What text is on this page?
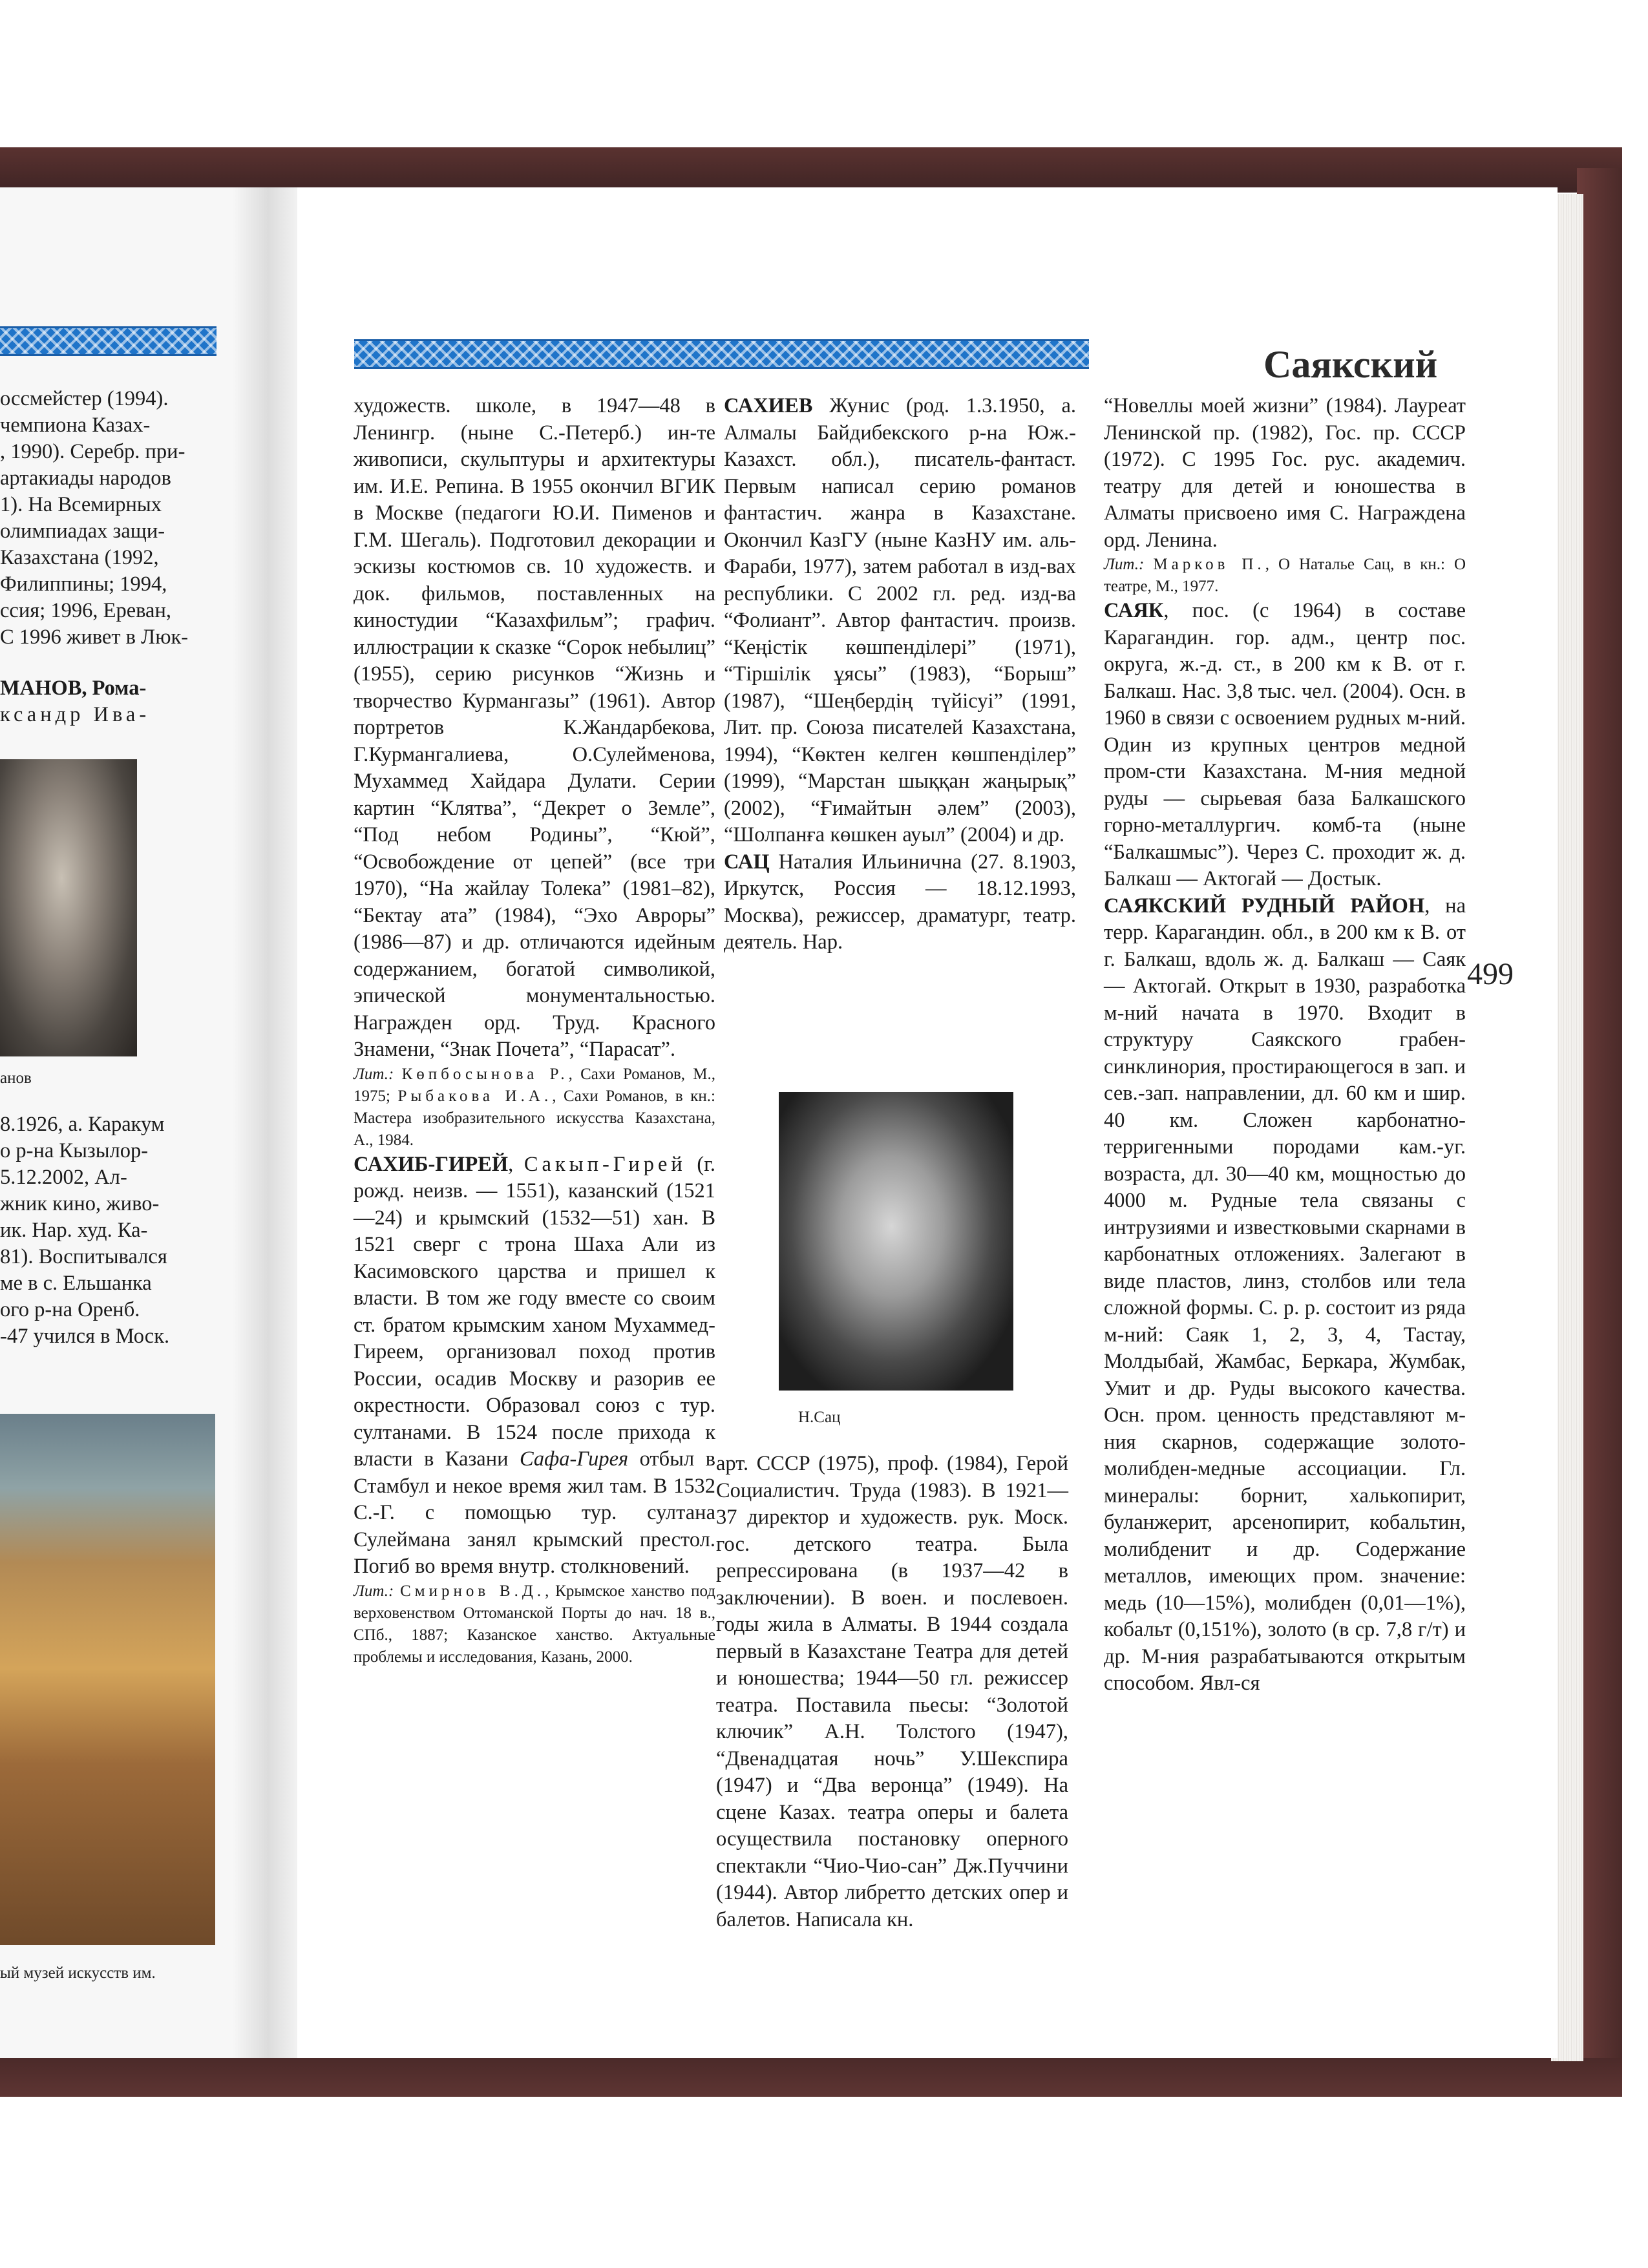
Саякский
499
оссмейстер (1994).
чемпиона Казах-
, 1990). Серебр. при-
артакиады народов
1). На Всемирных
олимпиадах защи-
Казахстана (1992,
Филиппины; 1994,
ссия; 1996, Ереван,
С 1996 живет в Люк-
МАНОВ, Рома-
ксандр Ива-
анов
8.1926, а. Каракум
о р-на Кызылор-
5.12.2002, Ал-
жник кино, живо-
ик. Нар. худ. Ка-
81). Воспитывался
ме в с. Ельшанка
ого р-на Оренб.
-47 учился в Моск.
ый музей искусств им.

художеств. школе, в 1947—48 в Ленингр. (ныне С.-Петерб.) ин-те живописи, скульптуры и архитектуры им. И.Е. Репина. В 1955 окончил ВГИК в Москве (педагоги Ю.И. Пименов и Г.М. Шегаль). Подготовил декорации и эскизы костюмов св. 10 художеств. и док. фильмов, поставленных на киностудии “Казахфильм”; графич. иллюстрации к сказке “Сорок небылиц” (1955), серию рисунков “Жизнь и творчество Курмангазы” (1961). Автор портретов К.Жандарбекова, Г.Курмангалиева, О.Сулейменова, Мухаммед Хайдара Дулати. Серии картин “Клятва”, “Декрет о Земле”, “Под небом Родины”, “Кюй”, “Освобождение от цепей” (все три 1970), “На жайлау Толека” (1981–82), “Бектау ата” (1984), “Эхо Авроры” (1986—87) и др. отличаются идейным содержанием, богатой символикой, эпической монументальностью. Награжден орд. Труд. Красного Знамени, “Знак Почета”, “Парасат”.

Лит.: Көпбосынова Р., Сахи Романов, М., 1975; Рыбакова И.А., Сахи Романов, в кн.: Мастера изобразительного искусства Казахстана, А., 1984.

САХИБ-ГИРЕЙ, Сакып-Гирей (г. рожд. неизв. — 1551), казанский (1521—24) и крымский (1532—51) хан. В 1521 сверг с трона Шаха Али из Касимовского царства и пришел к власти. В том же году вместе со своим ст. братом крымским ханом Мухаммед-Гиреем, организовал поход против России, осадив Москву и разорив ее окрестности. Образовал союз с тур. султанами. В 1524 после прихода к власти в Казани Сафа-Гирея отбыл в Стамбул и некое время жил там. В 1532 С.-Г. с помощью тур. султана Сулеймана занял крымский престол. Погиб во время внутр. столкновений.

Лит.: Смирнов В.Д., Крымское ханство под верховенством Оттоманской Порты до нач. 18 в., СПб., 1887; Казанское ханство. Актуальные проблемы и исследования, Казань, 2000.

САХИЕВ Жунис (род. 1.3.1950, а. Алмалы Байдибекского р-на Юж.-Казахст. обл.), писатель-фантаст. Первым написал серию романов фантастич. жанра в Казахстане. Окончил КазГУ (ныне КазНУ им. аль-Фараби, 1977), затем работал в изд-вах республики. С 2002 гл. ред. изд-ва “Фолиант”. Автор фантастич. произв. “Кеңістік көшпенділері” (1971), “Тіршілік ұясы” (1983), “Борыш” (1987), “Шеңбердің түйісуі” (1991, Лит. пр. Союза писателей Казахстана, 1994), “Көктен келген көшпенділер” (1999), “Марстан шыққан жаңырық” (2002), “Ғимайтын әлем” (2003), “Шолпанға көшкен ауыл” (2004) и др.

САЦ Наталия Ильинична (27. 8.1903, Иркутск, Россия — 18.12.1993, Москва), режиссер, драматург, театр. деятель. Нар.

Н.Сац

арт. СССР (1975), проф. (1984), Герой Социалистич. Труда (1983). В 1921—37 директор и художеств. рук. Моск. гос. детского театра. Была репрессирована (в 1937—42 в заключении). В воен. и послевоен. годы жила в Алматы. В 1944 создала первый в Казахстане Театра для детей и юношества; 1944—50 гл. режиссер театра. Поставила пьесы: “Золотой ключик” А.Н. Толстого (1947), “Двенадцатая ночь” У.Шекспира (1947) и “Два веронца” (1949). На сцене Казах. театра оперы и балета осуществила постановку оперного спектакли “Чио-Чио-сан” Дж.Пуччини (1944). Автор либретто детских опер и балетов. Написала кн.

“Новеллы моей жизни” (1984). Лауреат Ленинской пр. (1982), Гос. пр. СССР (1972). С 1995 Гос. рус. академич. театру для детей и юношества в Алматы присвоено имя С. Награждена орд. Ленина.

Лит.: Марков П., О Наталье Сац, в кн.: О театре, М., 1977.

САЯК, пос. (с 1964) в составе Карагандин. гор. адм., центр пос. округа, ж.-д. ст., в 200 км к В. от г. Балкаш. Нас. 3,8 тыс. чел. (2004). Осн. в 1960 в связи с освоением рудных м-ний. Один из крупных центров медной пром-сти Казахстана. М-ния медной руды — сырьевая база Балкашского горно-металлургич. комб-та (ныне “Балкашмыс”). Через С. проходит ж. д. Балкаш — Актогай — Достык.

САЯКСКИЙ РУДНЫЙ РАЙОН, на терр. Карагандин. обл., в 200 км к В. от г. Балкаш, вдоль ж. д. Балкаш — Саяк — Актогай. Открыт в 1930, разработка м-ний начата в 1970. Входит в структуру Саякского грабен-синклинория, простирающегося в зап. и сев.-зап. направлении, дл. 60 км и шир. 40 км. Сложен карбонатно-терригенными породами кам.-уг. возраста, дл. 30—40 км, мощностью до 4000 м. Рудные тела связаны с интрузиями и известковыми скарнами в карбонатных отложениях. Залегают в виде пластов, линз, столбов или тела сложной формы. С. р. р. состоит из ряда м-ний: Саяк 1, 2, 3, 4, Тастау, Молдыбай, Жамбас, Беркара, Жумбак, Умит и др. Руды высокого качества. Осн. пром. ценность представляют м-ния скарнов, содержащие золото-молибден-медные ассоциации. Гл. минералы: борнит, халькопирит, буланжерит, арсенопирит, кобальтин, молибденит и др. Содержание металлов, имеющих пром. значение: медь (10—15%), молибден (0,01—1%), кобальт (0,151%), золото (в ср. 7,8 г/т) и др. М-ния разрабатываются открытым способом. Явл-ся
